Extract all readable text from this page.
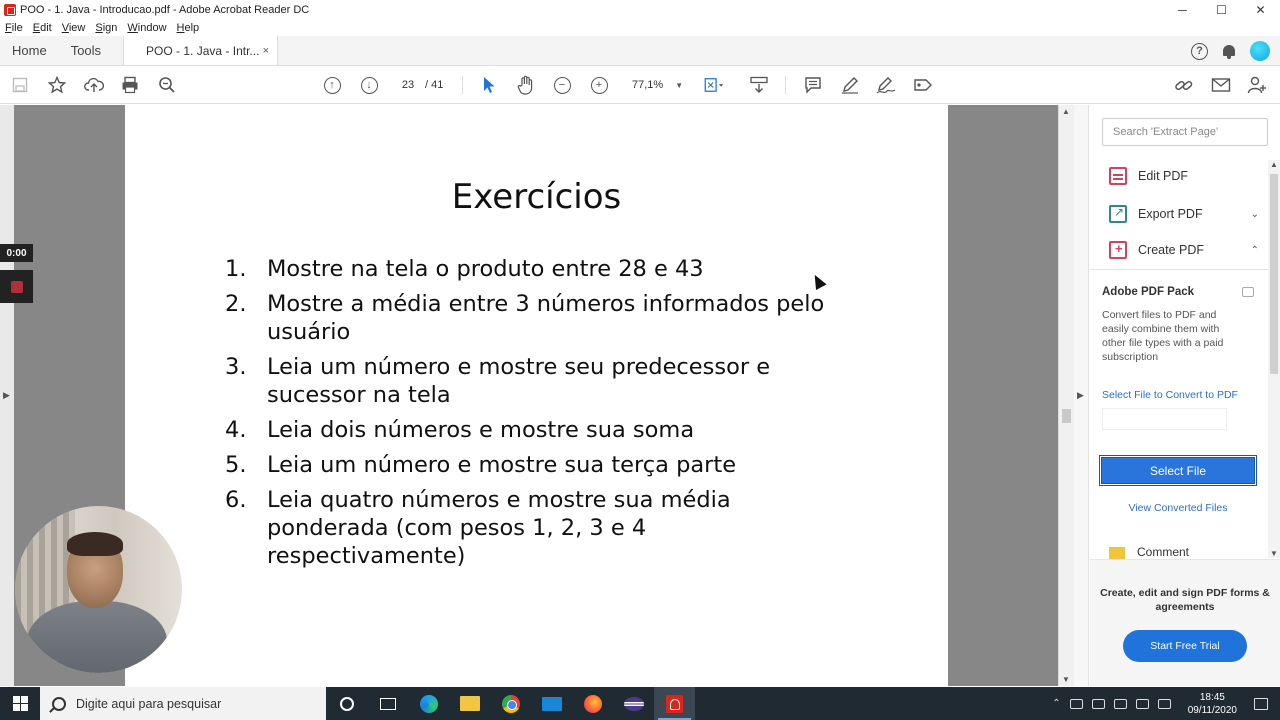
POO - 1. Java - Introducao.pdf - Adobe Acrobat Reader DC	─	☐	✕
File Edit View Sign Window Help
Home	Tools	POO - 1. Java - Intr... ×	?
↑	↓	23 / 41	−	+	77,1% ▼
▶
Exercícios
1. Mostre na tela o produto entre 28 e 43
2. Mostre a média entre 3 números informados pelo usuário
3. Leia um número e mostre seu predecessor e sucessor na tela
4. Leia dois números e mostre sua soma
5. Leia um número e mostre sua terça parte
6. Leia quatro números e mostre sua média ponderada (com pesos 1, 2, 3 e 4 respectivamente)
▲
▼
▶
0:00
Search 'Extract Page'
Edit PDF
↗
Export PDF	⌄
+
Create PDF	⌃
Adobe PDF Pack
Convert files to PDF and easily combine them with other file types with a paid subscription
Select File to Convert to PDF
Select File
View Converted Files
Comment
▲
▼
Create, edit and sign PDF forms & agreements
Start Free Trial
Digite aqui para pesquisar	⌃
18:45
09/11/2020
